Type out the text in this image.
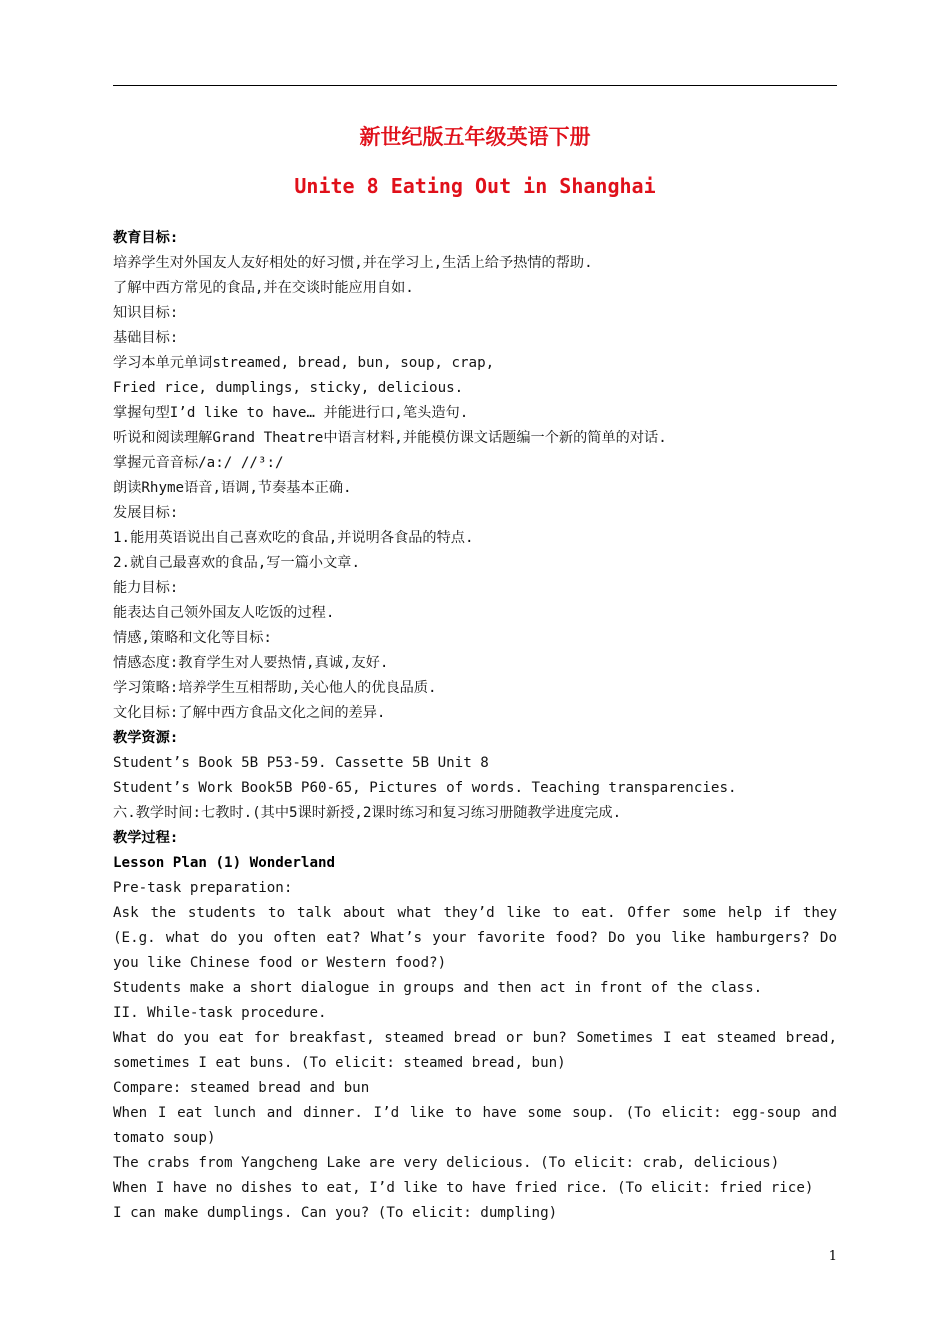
新世纪版五年级英语下册
Unite 8 Eating Out in Shanghai
教育目标:
培养学生对外国友人友好相处的好习惯,并在学习上,生活上给予热情的帮助.
了解中西方常见的食品,并在交谈时能应用自如.
知识目标:
基础目标:
学习本单元单词streamed, bread, bun, soup, crap,
Fried rice, dumplings, sticky, delicious.
掌握句型I’d like to have… 并能进行口,笔头造句.
听说和阅读理解Grand Theatre中语言材料,并能模仿课文话题编一个新的简单的对话.
掌握元音音标/a:/ //³:/
朗读Rhyme语音,语调,节奏基本正确.
发展目标:
1.能用英语说出自己喜欢吃的食品,并说明各食品的特点.
2.就自己最喜欢的食品,写一篇小文章.
能力目标:
能表达自己领外国友人吃饭的过程.
情感,策略和文化等目标:
情感态度:教育学生对人要热情,真诚,友好.
学习策略:培养学生互相帮助,关心他人的优良品质.
文化目标:了解中西方食品文化之间的差异.
教学资源:
Student’s Book 5B P53-59. Cassette 5B Unit 8
Student’s Work Book5B P60-65, Pictures of words. Teaching transparencies.
六.教学时间:七教时.(其中5课时新授,2课时练习和复习练习册随教学进度完成.
教学过程:
Lesson Plan (1) Wonderland
Pre-task preparation:
Ask the students to talk about what they’d like to eat. Offer some help if they
(E.g. what do you often eat? What’s your favorite food? Do you like hamburgers? Do
you like Chinese food or Western food?)
Students make a short dialogue in groups and then act in front of the class.
II. While-task procedure.
What do you eat for breakfast, steamed bread or bun? Sometimes I eat steamed bread,
sometimes I eat buns. (To elicit: steamed bread, bun)
Compare: steamed bread and bun
When I eat lunch and dinner. I’d like to have some soup. (To elicit: egg-soup and
tomato soup)
The crabs from Yangcheng Lake are very delicious. (To elicit: crab, delicious)
When I have no dishes to eat, I’d like to have fried rice. (To elicit: fried rice)
I can make dumplings. Can you? (To elicit: dumpling)
1
